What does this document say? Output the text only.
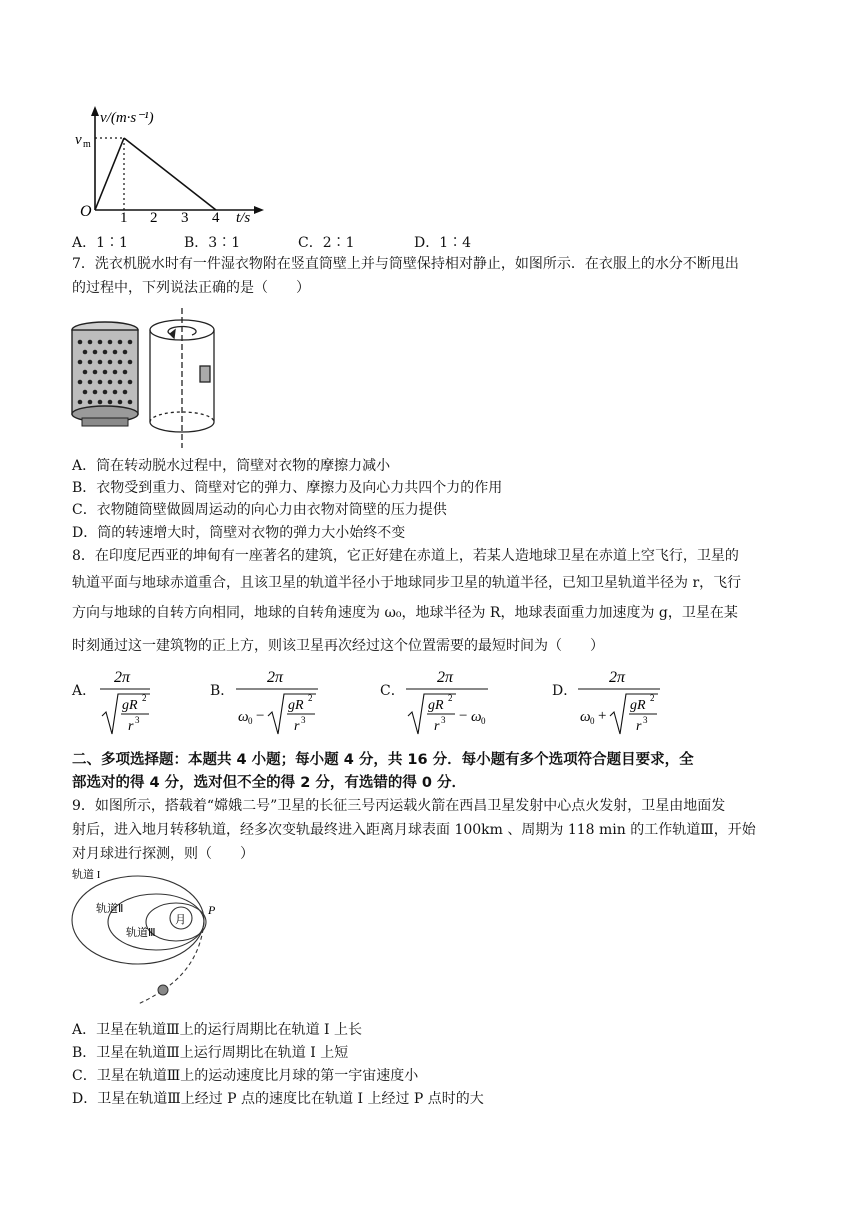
v/(m·s⁻¹)
v m
O 1 2 3 4 t/s
A．1∶1	B．3∶1	C．2∶1	D．1∶4
7．洗衣机脱水时有一件湿衣物附在竖直筒壁上并与筒壁保持相对静止，如图所示．在衣服上的水分不断甩出
的过程中，下列说法正确的是（　　）
A．筒在转动脱水过程中，筒壁对衣物的摩擦力减小
B．衣物受到重力、筒壁对它的弹力、摩擦力及向心力共四个力的作用
C．衣物随筒壁做圆周运动的向心力由衣物对筒壁的压力提供
D．筒的转速增大时，筒壁对衣物的弹力大小始终不变
8．在印度尼西亚的坤甸有一座著名的建筑，它正好建在赤道上，若某人造地球卫星在赤道上空飞行，卫星的
轨道平面与地球赤道重合，且该卫星的轨道半径小于地球同步卫星的轨道半径，已知卫星轨道半径为 r，飞行
方向与地球的自转方向相同，地球的自转角速度为 ω₀，地球半径为 R，地球表面重力加速度为 g，卫星在某
时刻通过这一建筑物的正上方，则该卫星再次经过这个位置需要的最短时间为（　　）
A．
2π
gR 2
r 3
B．
2π
ω 0 −
gR 2
r 3
C．
2π
gR 2
r 3 − ω 0
D．
2π
ω 0 +
gR 2
r 3
二、多项选择题：本题共 4 小题；每小题 4 分，共 16 分．每小题有多个选项符合题目要求，全
部选对的得 4 分，选对但不全的得 2 分，有选错的得 0 分．
9．如图所示，搭载着“嫦娥二号”卫星的长征三号丙运载火箭在西昌卫星发射中心点火发射，卫星由地面发
射后，进入地月转移轨道，经多次变轨最终进入距离月球表面 100km 、周期为 118 min 的工作轨道Ⅲ，开始
对月球进行探测，则（　　）
轨道 I
轨道Ⅱ
轨道Ⅲ
月
P
A．卫星在轨道Ⅲ上的运行周期比在轨道 I 上长
B．卫星在轨道Ⅲ上运行周期比在轨道 I 上短
C．卫星在轨道Ⅲ上的运动速度比月球的第一宇宙速度小
D．卫星在轨道Ⅲ上经过 P 点的速度比在轨道 I 上经过 P 点时的大
